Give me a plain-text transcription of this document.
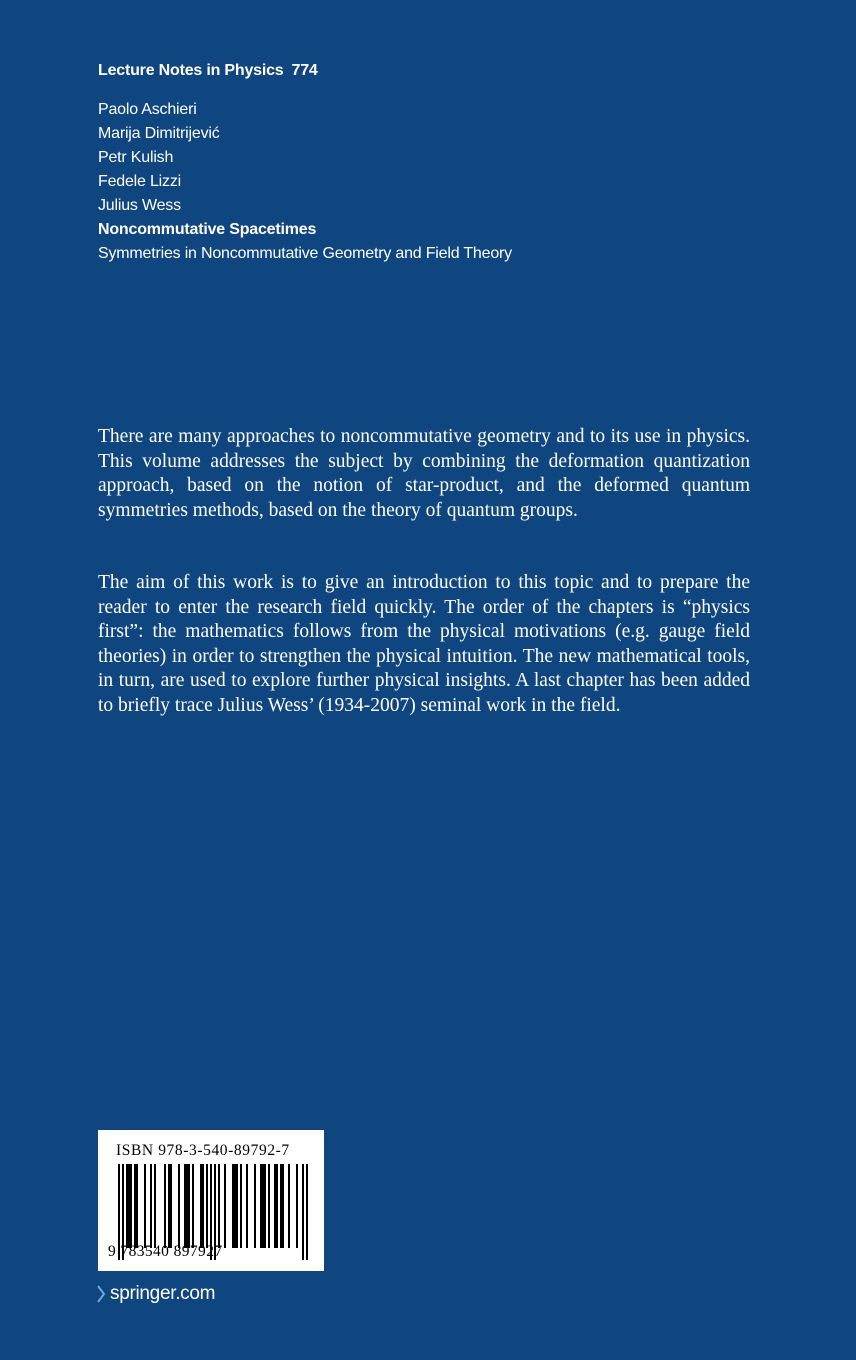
Lecture Notes in Physics 774
Paolo Aschieri
Marija Dimitrijević
Petr Kulish
Fedele Lizzi
Julius Wess
Noncommutative Spacetimes
Symmetries in Noncommutative Geometry and Field Theory

There are many approaches to noncommutative geometry and to its use in physics. This volume addresses the subject by combining the deformation quantization approach, based on the notion of star-product, and the deformed quantum symmetries methods, based on the theory of quantum groups.

The aim of this work is to give an introduction to this topic and to prepare the reader to enter the research field quickly. The order of the chapters is “physics first”: the mathematics follows from the physical motivations (e.g. gauge field theories) in order to strengthen the physical intuition. The new mathematical tools, in turn, are used to explore further physical insights. A last chapter has been added to briefly trace Julius Wess’ (1934-2007) seminal work in the field.

ISBN 978-3-540-89792-7
9 783540 897927
springer.com
